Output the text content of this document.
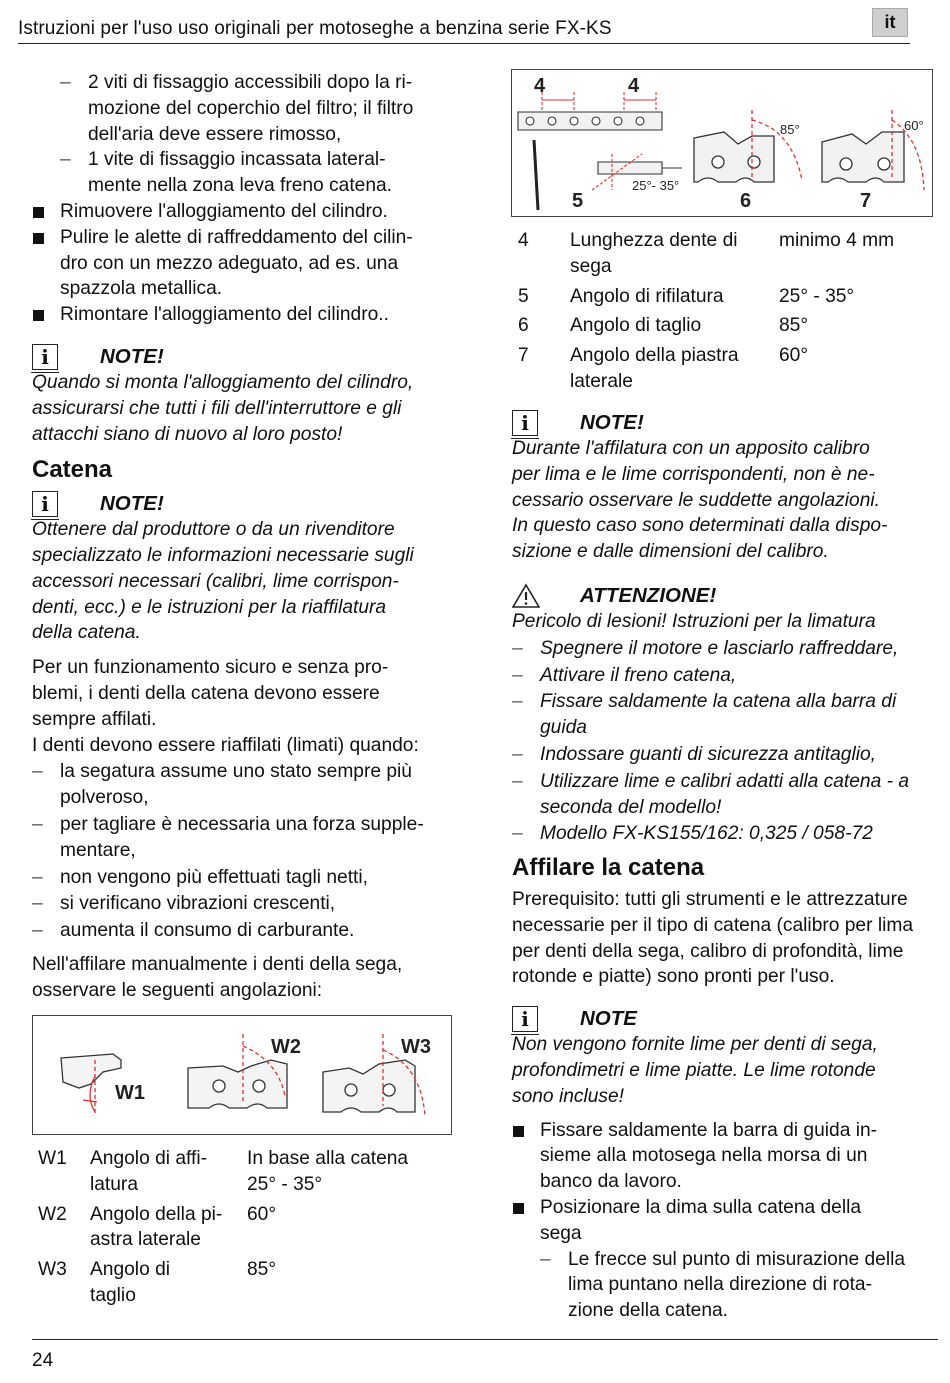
Istruzioni per l'uso uso originali per motoseghe a benzina serie FX-KS	it

– 2 viti di fissaggio accessibili dopo la ri-
mozione del coperchio del filtro; il filtro
dell'aria deve essere rimosso,

– 1 vite di fissaggio incassata lateral-
mente nella zona leva freno catena.

Rimuovere l'alloggiamento del cilindro.

Pulire le alette di raffreddamento del cilin-
dro con un mezzo adeguato, ad es. una
spazzola metallica.

Rimontare l'alloggiamento del cilindro..

i	NOTE!

Quando si monta l'alloggiamento del cilindro,
assicurarsi che tutti i fili dell'interruttore e gli
attacchi siano di nuovo al loro posto!

Catena
i	NOTE!

Ottenere dal produttore o da un rivenditore
specializzato le informazioni necessarie sugli
accessori necessari (calibri, lime corrispon-
denti, ecc.) e le istruzioni per la riaffilatura
della catena.

Per un funzionamento sicuro e senza pro-
blemi, i denti della catena devono essere
sempre affilati.

I denti devono essere riaffilati (limati) quando:

– la segatura assume uno stato sempre più
polveroso,

– per tagliare è necessaria una forza supple-
mentare,

– non vengono più effettuati tagli netti,

– si verificano vibrazioni crescenti,

– aumenta il consumo di carburante.

Nell'affilare manualmente i denti della sega,
osservare le seguenti angolazioni:

W1
W2	W3
W1	Angolo di affi-
latura	In base alla catena
25° - 35°
W2	Angolo della pi-
astra laterale	60°
W3	Angolo di
taglio	85°
4	4
5
25°- 35°
6
85°
7
60°
4	Lunghezza dente di
sega	minimo 4 mm
5	Angolo di rifilatura	25° - 35°
6	Angolo di taglio	85°
7	Angolo della piastra
laterale	60°
i	NOTE!

Durante l'affilatura con un apposito calibro
per lima e le lime corrispondenti, non è ne-
cessario osservare le suddette angolazioni.
In questo caso sono determinati dalla dispo-
sizione e dalle dimensioni del calibro.

ATTENZIONE!

Pericolo di lesioni! Istruzioni per la limatura

– Spegnere il motore e lasciarlo raffreddare,

– Attivare il freno catena,

– Fissare saldamente la catena alla barra di
guida

– Indossare guanti di sicurezza antitaglio,

– Utilizzare lime e calibri adatti alla catena - a
seconda del modello!

– Modello FX-KS155/162: 0,325 / 058-72

Affilare la catena

Prerequisito: tutti gli strumenti e le attrezzature
necessarie per il tipo di catena (calibro per lima
per denti della sega, calibro di profondità, lime
rotonde e piatte) sono pronti per l'uso.

i	NOTE

Non vengono fornite lime per denti di sega,
profondimetri e lime piatte. Le lime rotonde
sono incluse!

Fissare saldamente la barra di guida in-
sieme alla motosega nella morsa di un
banco da lavoro.

Posizionare la dima sulla catena della
sega

– Le frecce sul punto di misurazione della
lima puntano nella direzione di rota-
zione della catena.

24
